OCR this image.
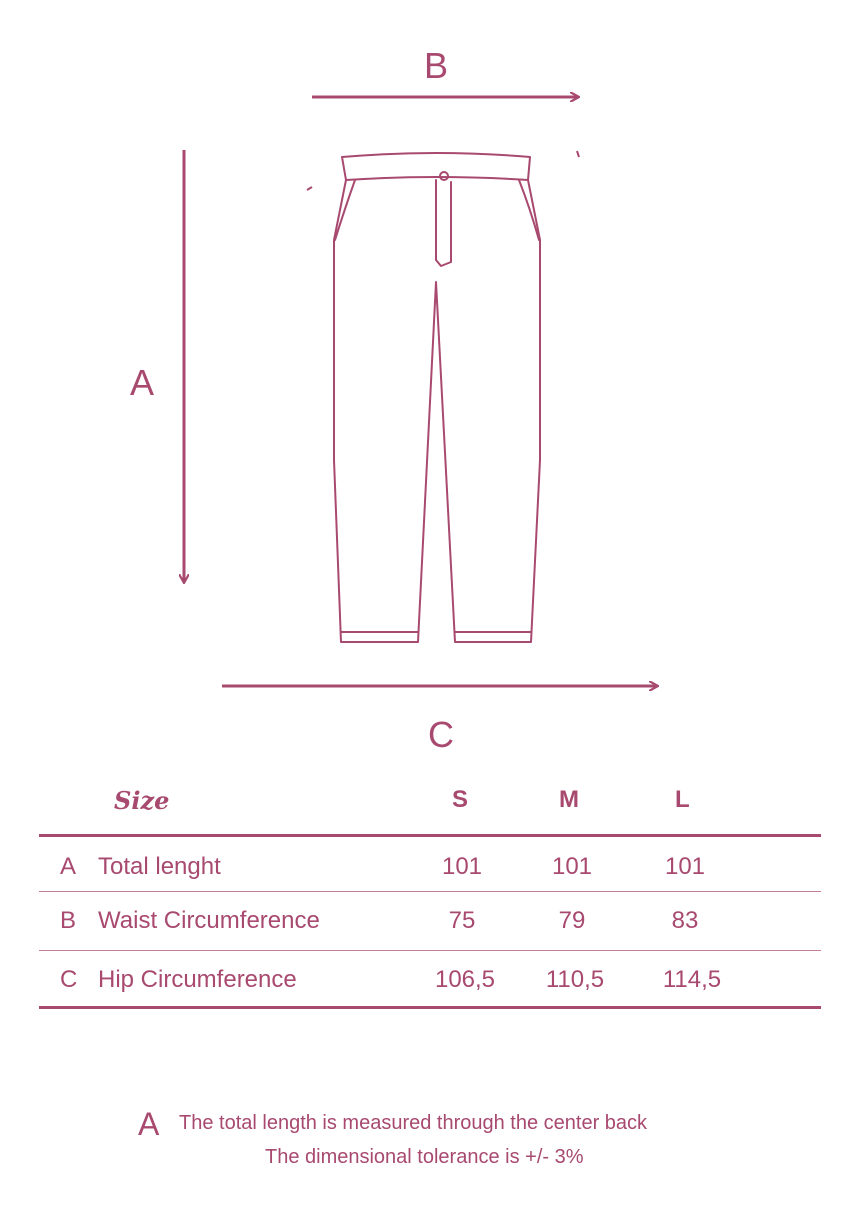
B
A
C
Size	S	M	L
A Total lenght	101	101	101
B Waist Circumference	75	79	83
C Hip Circumference	106,5	110,5	114,5
A The total length is measured through the center back
The dimensional tolerance is +/- 3%
